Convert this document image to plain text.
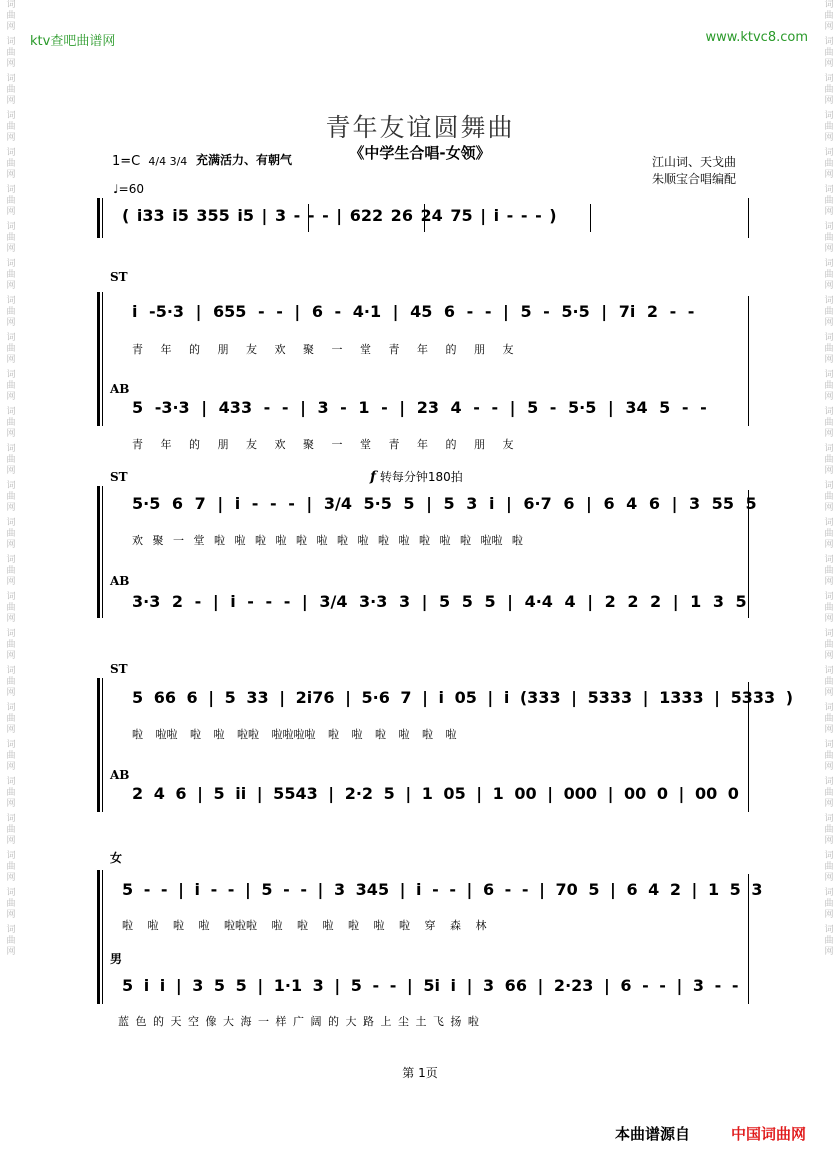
词
曲
网
词
曲
网
词
曲
网
词
曲
网
词
曲
网
词
曲
网
词
曲
网
词
曲
网
词
曲
网
词
曲
网
词
曲
网
词
曲
网
词
曲
网
词
曲
网
词
曲
网
词
曲
网
词
曲
网
词
曲
网
词
曲
网
词
曲
网
词
曲
网
词
曲
网
词
曲
网
词
曲
网
词
曲
网
词
曲
网
词
曲
网
词
曲
网
词
曲
网
词
曲
网
词
曲
网
词
曲
网
词
曲
网
词
曲
网
词
曲
网
词
曲
网
词
曲
网
词
曲
网
词
曲
网
词
曲
网
词
曲
网
词
曲
网
词
曲
网
词
曲
网
词
曲
网
词
曲
网
词
曲
网
词
曲
网
词
曲
网
词
曲
网
词
曲
网
词
曲
网
ktv查吧曲谱网	www.ktvc8.com
青年友谊圆舞曲
《中学生合唱-女领》
1=C 4/4 3/4 充满活力、有朝气	江山词、天戈曲
朱顺宝合唱编配
♩=60
( i33 i5 355 i5 | 3 - - - | 622 26 24 75 | i - - - )
ST
i -5·3 | 655 - - | 6 - 4·1 | 45 6 - - | 5 - 5·5 | 7i 2 - -
青 年 的 朋 友 欢 聚 一 堂 青 年 的 朋 友
AB
5 -3·3 | 433 - - | 3 - 1 - | 23 4 - - | 5 - 5·5 | 34 5 - -
青 年 的 朋 友 欢 聚 一 堂 青 年 的 朋 友
ST	f 转每分钟180拍
5·5 6 7 | i - - - | 3/4 5·5 5 | 5 3 i | 6·7 6 | 6 4 6 | 3 55 5
欢 聚 一 堂 啦 啦 啦 啦 啦 啦 啦 啦 啦 啦 啦 啦 啦 啦啦 啦
AB
3·3 2 - | i - - - | 3/4 3·3 3 | 5 5 5 | 4·4 4 | 2 2 2 | 1 3 5
ST
5 66 6 | 5 33 | 2i76 | 5·6 7 | i 05 | i (333 | 5333 | 1333 | 5333 )
啦 啦啦 啦 啦 啦啦 啦啦啦啦 啦 啦 啦 啦 啦 啦
AB
2 4 6 | 5 ii | 5543 | 2·2 5 | 1 05 | 1 00 | 000 | 00 0 | 00 0
女
5 - - | i - - | 5 - - | 3 345 | i - - | 6 - - | 70 5 | 6 4 2 | 1 5 3
啦 啦 啦 啦 啦啦啦 啦 啦 啦 啦 啦 啦 穿 森 林
男
5 i i | 3 5 5 | 1·1 3 | 5 - - | 5i i | 3 66 | 2·23 | 6 - - | 3 - -
蓝 色 的 天 空 像 大 海 一 样 广 阔 的 大 路 上 尘 土 飞 扬 啦
第 1页
本曲谱源自	中国词曲网
